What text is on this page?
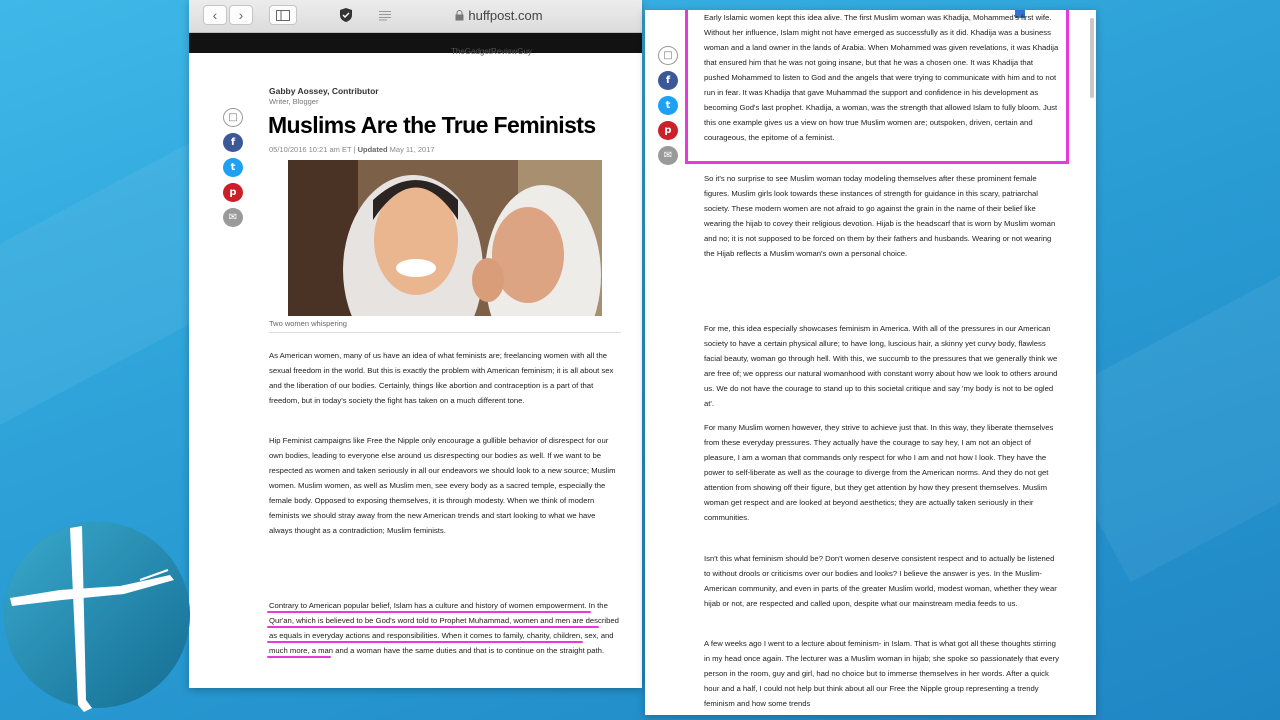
‹ ›	huffpost.com
TheGadgetReviewGuy
□
f
t
p
✉
Gabby Aossey, Contributor
Writer, Blogger
Muslims Are the True Feminists
05/10/2016 10:21 am ET | Updated May 11, 2017
Two women whispering

As American women, many of us have an idea of what feminists are; freelancing women with all the sexual freedom in the world. But this is exactly the problem with American feminism; it is all about sex and the liberation of our bodies. Certainly, things like abortion and contraception is a part of that freedom, but in today's society the fight has taken on a much different tone.

Hip Feminist campaigns like Free the Nipple only encourage a gullible behavior of disrespect for our own bodies, leading to everyone else around us disrespecting our bodies as well. If we want to be respected as women and taken seriously in all our endeavors we should look to a new source; Muslim women. Muslim women, as well as Muslim men, see every body as a sacred temple, especially the female body. Opposed to exposing themselves, it is through modesty. When we think of modern feminists we should stray away from the new American trends and start looking to what we have always thought as a contradiction; Muslim feminists.

Contrary to American popular belief, Islam has a culture and history of women empowerment. In the Qur'an, which is believed to be God's word told to Prophet Muhammad, women and men are described as equals in everyday actions and responsibilities. When it comes to family, charity, children, sex, and much more, a man and a woman have the same duties and that is to continue on the straight path.

□
f
t
p
✉

Early Islamic women kept this idea alive. The first Muslim woman was Khadija, Mohammed's first wife. Without her influence, Islam might not have emerged as successfully as it did. Khadija was a business woman and a land owner in the lands of Arabia. When Mohammed was given revelations, it was Khadija that ensured him that he was not going insane, but that he was a chosen one. It was Khadija that pushed Mohammed to listen to God and the angels that were trying to communicate with him and to not run in fear. It was Khadija that gave Muhammad the support and confidence in his development as becoming God's last prophet. Khadija, a woman, was the strength that allowed Islam to fully bloom. Just this one example gives us a view on how true Muslim women are; outspoken, driven, certain and courageous, the epitome of a feminist.

So it's no surprise to see Muslim woman today modeling themselves after these prominent female figures. Muslim girls look towards these instances of strength for guidance in this scary, patriarchal society. These modern women are not afraid to go against the grain in the name of their belief like wearing the hijab to covey their religious devotion. Hijab is the headscarf that is worn by Muslim woman and no; it is not supposed to be forced on them by their fathers and husbands. Wearing or not wearing the Hijab reflects a Muslim woman's own a personal choice.

For me, this idea especially showcases feminism in America. With all of the pressures in our American society to have a certain physical allure; to have long, luscious hair, a skinny yet curvy body, flawless facial beauty, woman go through hell. With this, we succumb to the pressures that we generally think we are free of; we oppress our natural womanhood with constant worry about how we look to others around us. We do not have the courage to stand up to this societal critique and say 'my body is not to be ogled at'.

For many Muslim women however, they strive to achieve just that. In this way, they liberate themselves from these everyday pressures. They actually have the courage to say hey, I am not an object of pleasure, I am a woman that commands only respect for who I am and not how I look. They have the power to self-liberate as well as the courage to diverge from the American norms. And they do not get attention from showing off their figure, but they get attention by how they present themselves. Muslim woman get respect and are looked at beyond aesthetics; they are actually taken seriously in their communities.

Isn't this what feminism should be? Don't women deserve consistent respect and to actually be listened to without drools or criticisms over our bodies and looks? I believe the answer is yes. In the Muslim-American community, and even in parts of the greater Muslim world, modest woman, whether they wear hijab or not, are respected and called upon, despite what our mainstream media feeds to us.

A few weeks ago I went to a lecture about feminism- in Islam. That is what got all these thoughts stirring in my head once again. The lecturer was a Muslim woman in hijab; she spoke so passionately that every person in the room, guy and girl, had no choice but to immerse themselves in her words. After a quick hour and a half, I could not help but think about all our Free the Nipple group representing a trendy feminism and how some trends
